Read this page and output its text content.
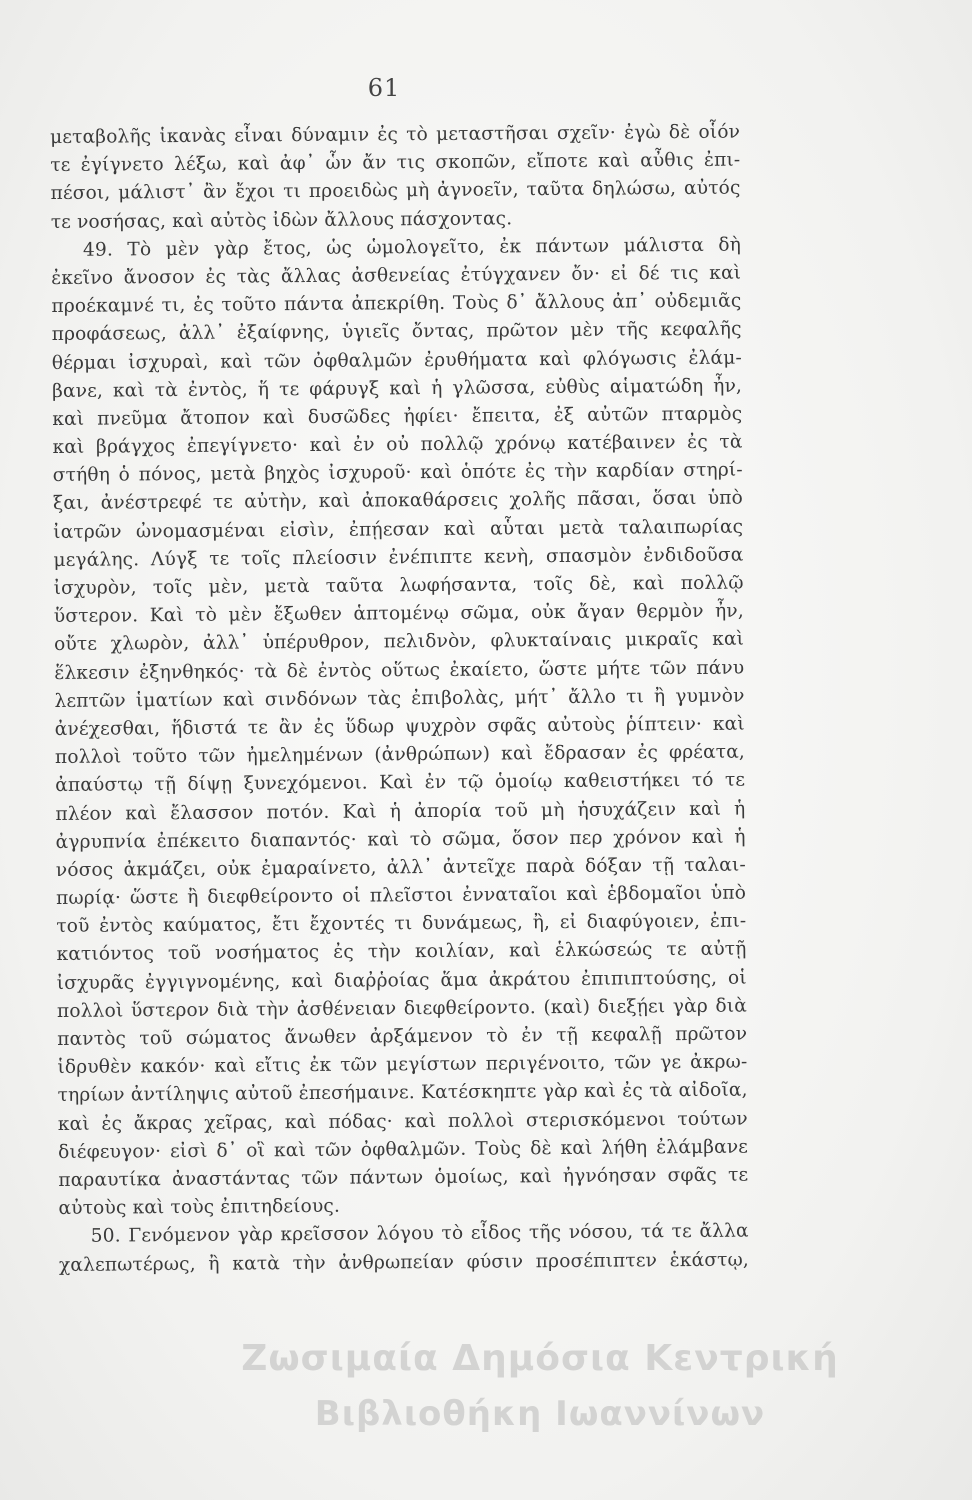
61
μεταβολῆς ἱκανὰς εἶναι δύναμιν ἐς τὸ μεταστῆσαι σχεῖν· ἐγὼ δὲ οἷόν
τε ἐγίγνετο λέξω, καὶ ἀφ᾽ ὧν ἄν τις σκοπῶν, εἴποτε καὶ αὖθις ἐπι-
πέσοι, μάλιστ᾽ ἂν ἔχοι τι προειδὼς μὴ ἀγνοεῖν, ταῦτα δηλώσω, αὐτός
τε νοσήσας, καὶ αὐτὸς ἰδὼν ἄλλους πάσχοντας.
49. Τὸ μὲν γὰρ ἔτος, ὡς ὡμολογεῖτο, ἐκ πάντων μάλιστα δὴ
ἐκεῖνο ἄνοσον ἐς τὰς ἄλλας ἀσθενείας ἐτύγχανεν ὄν· εἰ δέ τις καὶ
προέκαμνέ τι, ἐς τοῦτο πάντα ἀπεκρίθη. Τοὺς δ᾽ ἄλλους ἀπ᾽ οὐδεμιᾶς
προφάσεως, ἀλλ᾽ ἐξαίφνης, ὑγιεῖς ὄντας, πρῶτον μὲν τῆς κεφαλῆς
θέρμαι ἰσχυραὶ, καὶ τῶν ὀφθαλμῶν ἐρυθήματα καὶ φλόγωσις ἐλάμ-
βανε, καὶ τὰ ἐντὸς, ἥ τε φάρυγξ καὶ ἡ γλῶσσα, εὐθὺς αἱματώδη ἦν,
καὶ πνεῦμα ἄτοπον καὶ δυσῶδες ἠφίει· ἔπειτα, ἐξ αὐτῶν πταρμὸς
καὶ βράγχος ἐπεγίγνετο· καὶ ἐν οὐ πολλῷ χρόνῳ κατέβαινεν ἐς τὰ
στήθη ὁ πόνος, μετὰ βηχὸς ἰσχυροῦ· καὶ ὁπότε ἐς τὴν καρδίαν στηρί-
ξαι, ἀνέστρεφέ τε αὐτὴν, καὶ ἀποκαθάρσεις χολῆς πᾶσαι, ὅσαι ὑπὸ
ἰατρῶν ὠνομασμέναι εἰσὶν, ἐπῄεσαν καὶ αὗται μετὰ ταλαιπωρίας
μεγάλης. Λύγξ τε τοῖς πλείοσιν ἐνέπιπτε κενὴ, σπασμὸν ἐνδιδοῦσα
ἰσχυρὸν, τοῖς μὲν, μετὰ ταῦτα λωφήσαντα, τοῖς δὲ, καὶ πολλῷ
ὕστερον. Καὶ τὸ μὲν ἔξωθεν ἁπτομένῳ σῶμα, οὐκ ἄγαν θερμὸν ἦν,
οὔτε χλωρὸν, ἀλλ᾽ ὑπέρυθρον, πελιδνὸν, φλυκταίναις μικραῖς καὶ
ἕλκεσιν ἐξηνθηκός· τὰ δὲ ἐντὸς οὕτως ἐκαίετο, ὥστε μήτε τῶν πάνυ
λεπτῶν ἱματίων καὶ σινδόνων τὰς ἐπιβολὰς, μήτ᾽ ἄλλο τι ἢ γυμνὸν
ἀνέχεσθαι, ἥδιστά τε ἂν ἐς ὕδωρ ψυχρὸν σφᾶς αὐτοὺς ῥίπτειν· καὶ
πολλοὶ τοῦτο τῶν ἠμελημένων (ἀνθρώπων) καὶ ἔδρασαν ἐς φρέατα,
ἀπαύστῳ τῇ δίψῃ ξυνεχόμενοι. Καὶ ἐν τῷ ὁμοίῳ καθειστήκει τό τε
πλέον καὶ ἔλασσον ποτόν. Καὶ ἡ ἀπορία τοῦ μὴ ἡσυχάζειν καὶ ἡ
ἀγρυπνία ἐπέκειτο διαπαντός· καὶ τὸ σῶμα, ὅσον περ χρόνον καὶ ἡ
νόσος ἀκμάζει, οὐκ ἐμαραίνετο, ἀλλ᾽ ἀντεῖχε παρὰ δόξαν τῇ ταλαι-
πωρίᾳ· ὥστε ἢ διεφθείροντο οἱ πλεῖστοι ἐνναταῖοι καὶ ἑβδομαῖοι ὑπὸ
τοῦ ἐντὸς καύματος, ἔτι ἔχοντές τι δυνάμεως, ἢ, εἰ διαφύγοιεν, ἐπι-
κατιόντος τοῦ νοσήματος ἐς τὴν κοιλίαν, καὶ ἑλκώσεώς τε αὐτῇ
ἰσχυρᾶς ἐγγιγνομένης, καὶ διαῤῥοίας ἅμα ἀκράτου ἐπιπιπτούσης, οἱ
πολλοὶ ὕστερον διὰ τὴν ἀσθένειαν διεφθείροντο. (καὶ) διεξῄει γὰρ διὰ
παντὸς τοῦ σώματος ἄνωθεν ἀρξάμενον τὸ ἐν τῇ κεφαλῇ πρῶτον
ἱδρυθὲν κακόν· καὶ εἴτις ἐκ τῶν μεγίστων περιγένοιτο, τῶν γε ἀκρω-
τηρίων ἀντίληψις αὐτοῦ ἐπεσήμαινε. Κατέσκηπτε γὰρ καὶ ἐς τὰ αἰδοῖα,
καὶ ἐς ἄκρας χεῖρας, καὶ πόδας· καὶ πολλοὶ στερισκόμενοι τούτων
διέφευγον· εἰσὶ δ᾽ οἳ καὶ τῶν ὀφθαλμῶν. Τοὺς δὲ καὶ λήθη ἐλάμβανε
παραυτίκα ἀναστάντας τῶν πάντων ὁμοίως, καὶ ἠγνόησαν σφᾶς τε
αὐτοὺς καὶ τοὺς ἐπιτηδείους.
50. Γενόμενον γὰρ κρεῖσσον λόγου τὸ εἶδος τῆς νόσου, τά τε ἄλλα
χαλεπωτέρως, ἢ κατὰ τὴν ἀνθρωπείαν φύσιν προσέπιπτεν ἑκάστῳ,
Ζωσιμαία Δημόσια Κεντρική
Βιβλιοθήκη Ιωαννίνων
